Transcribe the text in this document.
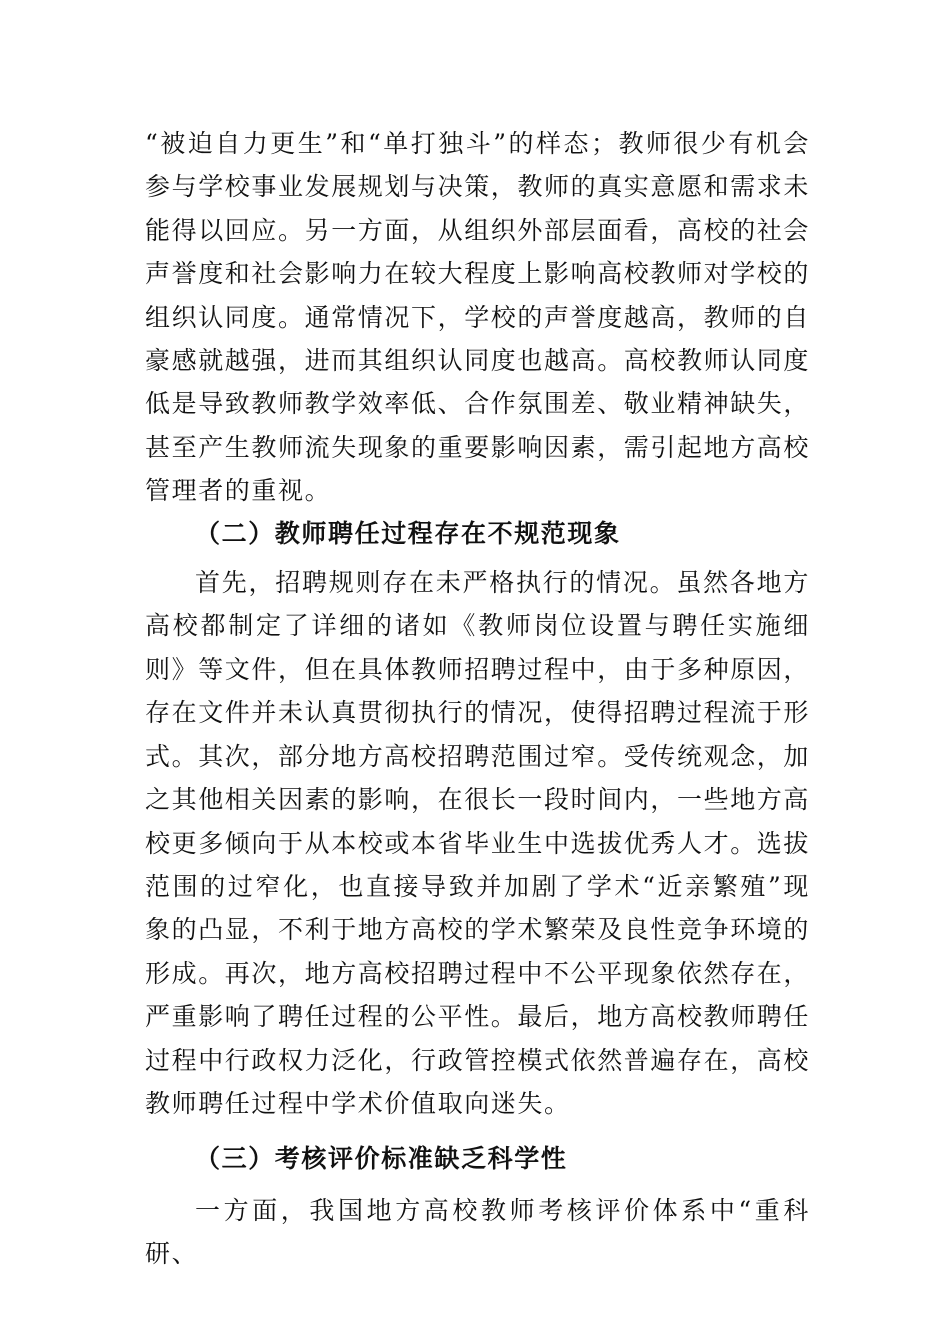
“被迫自力更生”和“单打独斗”的样态；教师很少有机会参与学校事业发展规划与决策，教师的真实意愿和需求未能得以回应。另一方面，从组织外部层面看，高校的社会声誉度和社会影响力在较大程度上影响高校教师对学校的组织认同度。通常情况下，学校的声誉度越高，教师的自豪感就越强，进而其组织认同度也越高。高校教师认同度低是导致教师教学效率低、合作氛围差、敬业精神缺失，甚至产生教师流失现象的重要影响因素，需引起地方高校管理者的重视。

（二）教师聘任过程存在不规范现象

首先，招聘规则存在未严格执行的情况。虽然各地方高校都制定了详细的诸如《教师岗位设置与聘任实施细则》等文件，但在具体教师招聘过程中，由于多种原因，存在文件并未认真贯彻执行的情况，使得招聘过程流于形式。其次，部分地方高校招聘范围过窄。受传统观念，加之其他相关因素的影响，在很长一段时间内，一些地方高校更多倾向于从本校或本省毕业生中选拔优秀人才。选拔范围的过窄化，也直接导致并加剧了学术“近亲繁殖”现象的凸显，不利于地方高校的学术繁荣及良性竞争环境的形成。再次，地方高校招聘过程中不公平现象依然存在，严重影响了聘任过程的公平性。最后，地方高校教师聘任过程中行政权力泛化，行政管控模式依然普遍存在，高校教师聘任过程中学术价值取向迷失。

（三）考核评价标准缺乏科学性

一方面，我国地方高校教师考核评价体系中“重科研、
